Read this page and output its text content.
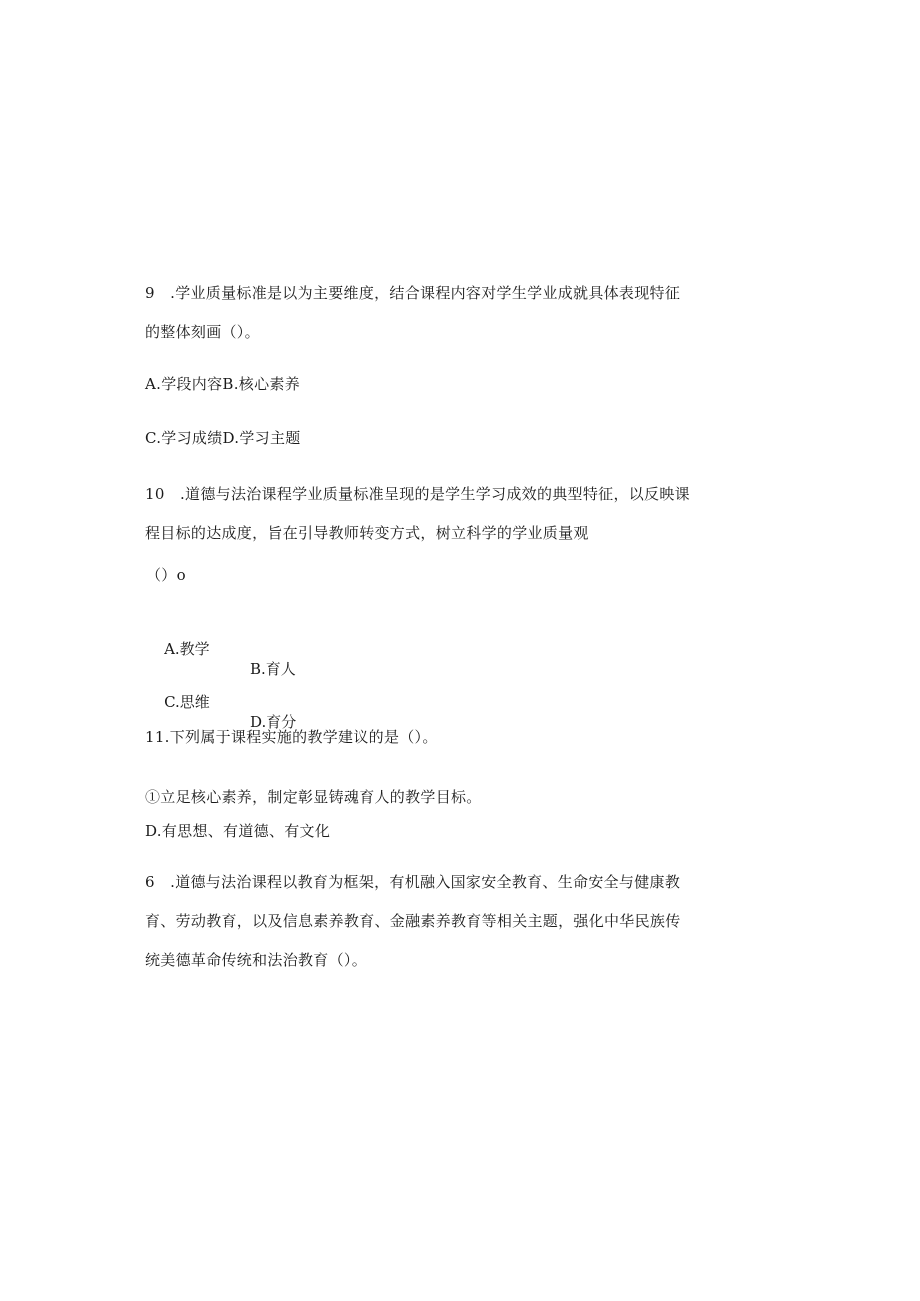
9　.学业质量标准是以为主要维度，结合课程内容对学生学业成就具体表现特征
的整体刻画（）。
A.学段内容B.核心素养
C.学习成绩D.学习主题
10　.道德与法治课程学业质量标准呈现的是学生学习成效的典型特征，以反映课
程目标的达成度，旨在引导教师转变方式，树立科学的学业质量观
（）o

A.教学

B.育人

C.思维

D.育分

11.下列属于课程实施的教学建议的是（）。
①立足核心素养，制定彰显铸魂育人的教学目标。
D.有思想、有道德、有文化
6　.道德与法治课程以教育为框架，有机融入国家安全教育、生命安全与健康教
育、劳动教育，以及信息素养教育、金融素养教育等相关主题，强化中华民族传
统美德革命传统和法治教育（）。
